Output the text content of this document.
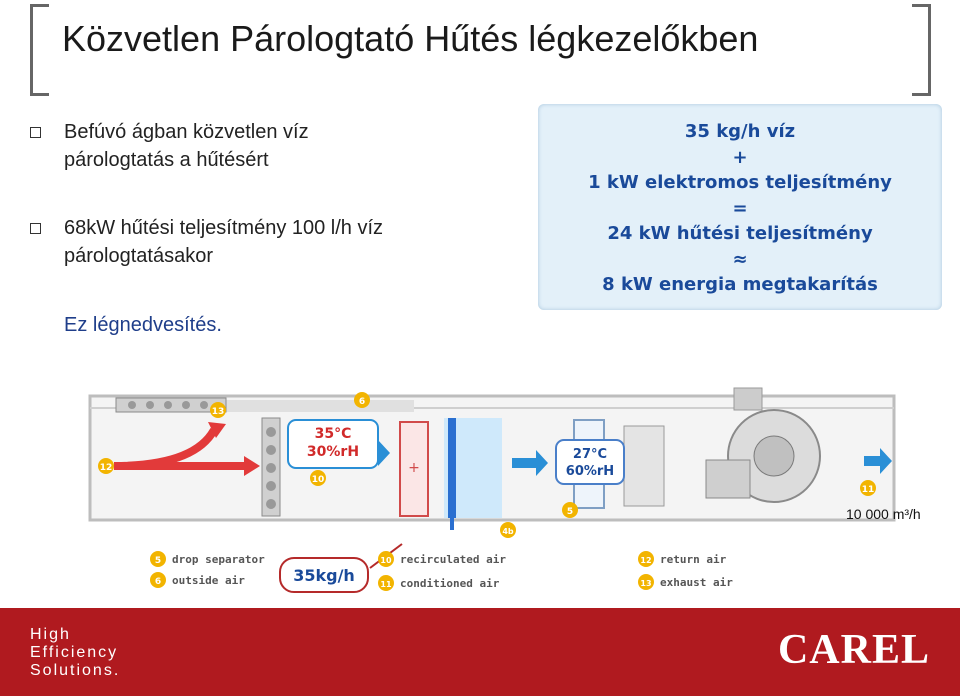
Közvetlen Párologtató Hűtés légkezelőkben
Befúvó ágban közvetlen víz
párologtatás a hűtésért
68kW hűtési teljesítmény 100 l/h víz
párologtatásakor
Ez légnedvesítés.
35 kg/h víz
+
1 kW elektromos teljesítmény
=
24 kW hűtési teljesítmény
≈
8 kW energia megtakarítás
+
35°C
30%rH	27°C
60%rH
13
6
12
10
4b
5
11
35kg/h
5 drop separator
6 outside air
10 recirculated air
11 conditioned air
12 return air
13 exhaust air
10 000 m³/h
High
Efficiency
Solutions.	CAREL
